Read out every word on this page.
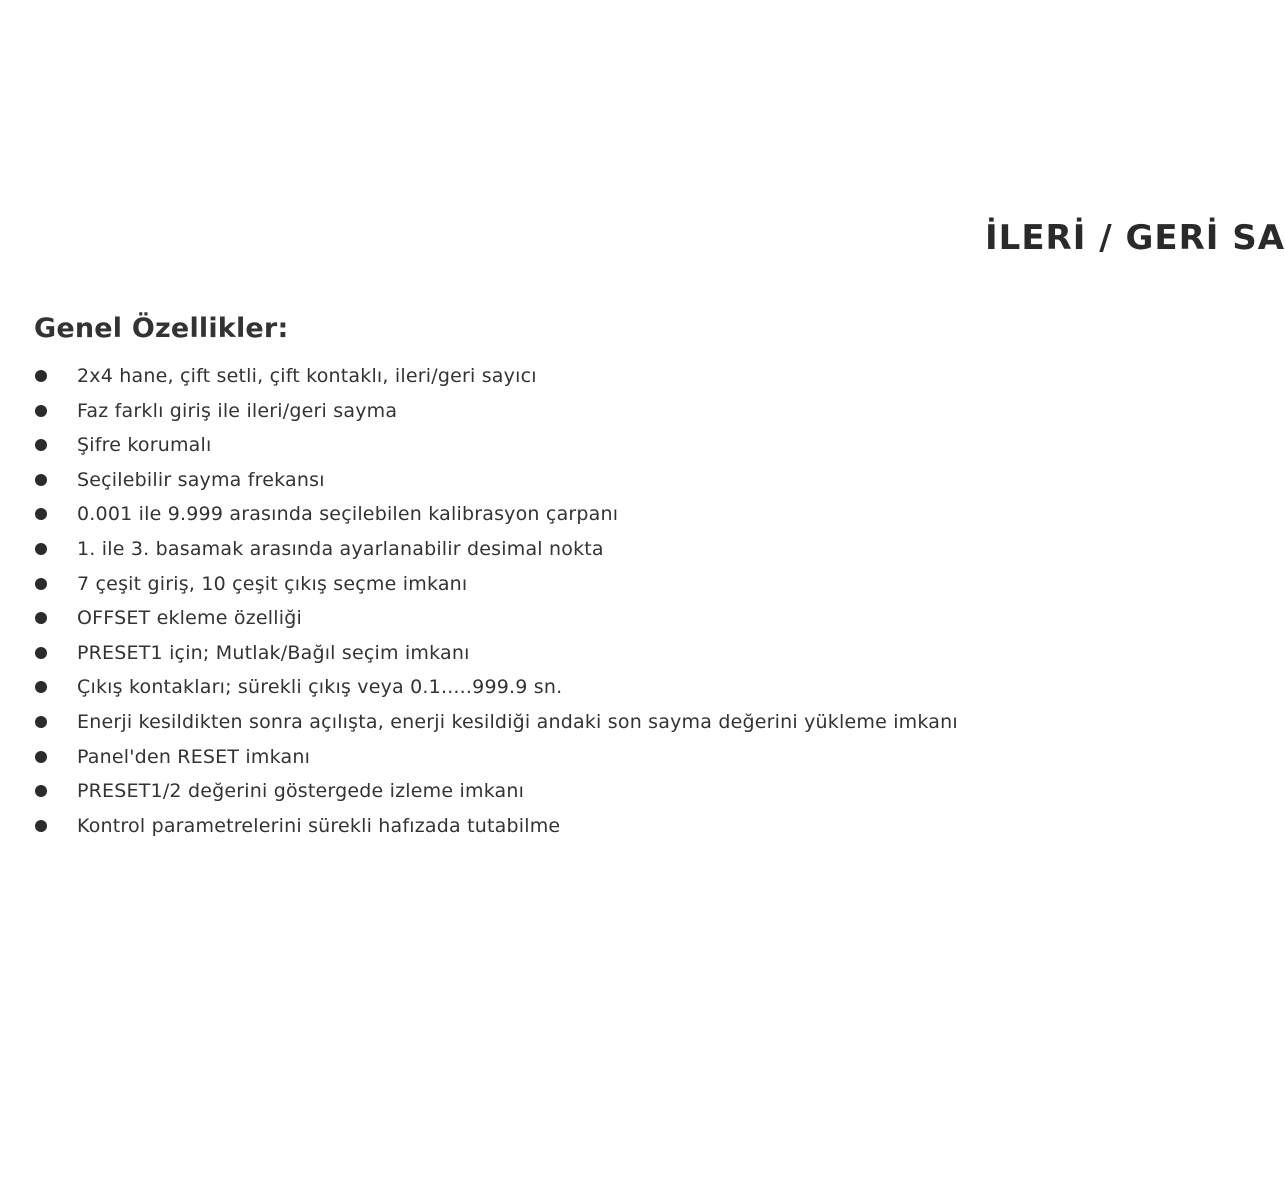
İLERİ / GERİ SA
Genel Özellikler:
2x4 hane, çift setli, çift kontaklı, ileri/geri sayıcı
Faz farklı giriş ile ileri/geri sayma
Şifre korumalı
Seçilebilir sayma frekansı
0.001 ile 9.999 arasında seçilebilen kalibrasyon çarpanı
1. ile 3. basamak arasında ayarlanabilir desimal nokta
7 çeşit giriş, 10 çeşit çıkış seçme imkanı
OFFSET ekleme özelliği
PRESET1 için; Mutlak/Bağıl seçim imkanı
Çıkış kontakları; sürekli çıkış veya 0.1.....999.9 sn.
Enerji kesildikten sonra açılışta, enerji kesildiği andaki son sayma değerini yükleme imkanı
Panel'den RESET imkanı
PRESET1/2 değerini göstergede izleme imkanı
Kontrol parametrelerini sürekli hafızada tutabilme
